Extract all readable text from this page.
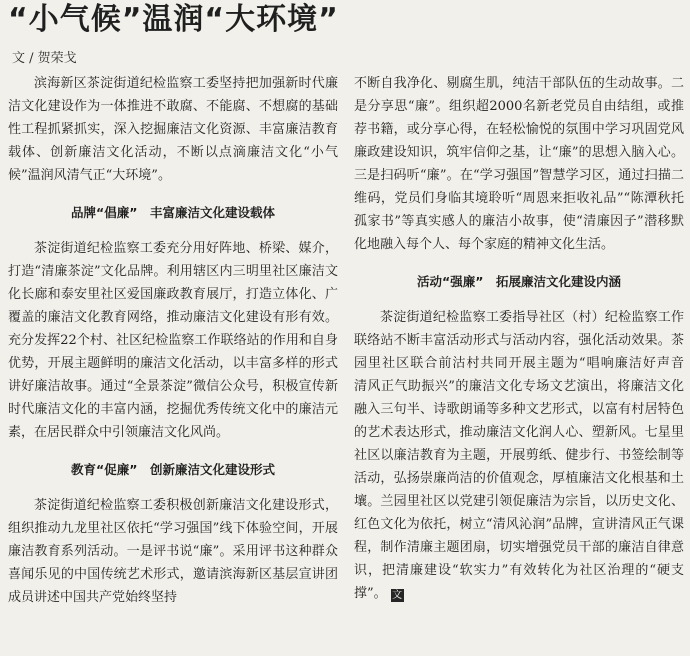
“小气候”温润“大环境”
文 / 贺荣戈

滨海新区茶淀街道纪检监察工委坚持把加强新时代廉洁文化建设作为一体推进不敢腐、不能腐、不想腐的基础性工程抓紧抓实，深入挖掘廉洁文化资源、丰富廉洁教育载体、创新廉洁文化活动，不断以点滴廉洁文化“小气候”温润风清气正“大环境”。

品牌“倡廉”　丰富廉洁文化建设载体

茶淀街道纪检监察工委充分用好阵地、桥梁、媒介，打造“清廉茶淀”文化品牌。利用辖区内三明里社区廉洁文化长廊和泰安里社区爱国廉政教育展厅，打造立体化、广覆盖的廉洁文化教育网络，推动廉洁文化建设有形有效。充分发挥22个村、社区纪检监察工作联络站的作用和自身优势，开展主题鲜明的廉洁文化活动，以丰富多样的形式讲好廉洁故事。通过“全景茶淀”微信公众号，积极宣传新时代廉洁文化的丰富内涵，挖掘优秀传统文化中的廉洁元素，在居民群众中引领廉洁文化风尚。

教育“促廉”　创新廉洁文化建设形式

茶淀街道纪检监察工委积极创新廉洁文化建设形式，组织推动九龙里社区依托“学习强国”线下体验空间，开展廉洁教育系列活动。一是评书说“廉”。采用评书这种群众喜闻乐见的中国传统艺术形式，邀请滨海新区基层宣讲团成员讲述中国共产党始终坚持

不断自我净化、剔腐生肌，纯洁干部队伍的生动故事。二是分享思“廉”。组织超2000名新老党员自由结组，或推荐书籍，或分享心得，在轻松愉悦的氛围中学习巩固党风廉政建设知识，筑牢信仰之基，让“廉”的思想入脑入心。三是扫码听“廉”。在“学习强国”智慧学习区，通过扫描二维码，党员们身临其境聆听“周恩来拒收礼品”“陈潭秋托孤家书”等真实感人的廉洁小故事，使“清廉因子”潜移默化地融入每个人、每个家庭的精神文化生活。

活动“强廉”　拓展廉洁文化建设内涵

茶淀街道纪检监察工委指导社区（村）纪检监察工作联络站不断丰富活动形式与活动内容，强化活动效果。茶园里社区联合前沽村共同开展主题为“唱响廉洁好声音　清风正气助振兴”的廉洁文化专场文艺演出，将廉洁文化融入三句半、诗歌朗诵等多种文艺形式，以富有村居特色的艺术表达形式，推动廉洁文化润人心、塑新风。七星里社区以廉洁教育为主题，开展剪纸、健步行、书签绘制等活动，弘扬崇廉尚洁的价值观念，厚植廉洁文化根基和土壤。兰园里社区以党建引领促廉洁为宗旨，以历史文化、红色文化为依托，树立“清风沁润”品牌，宣讲清风正气课程，制作清廉主题团扇，切实增强党员干部的廉洁自律意识，把清廉建设“软实力”有效转化为社区治理的“硬支撑”。 文
